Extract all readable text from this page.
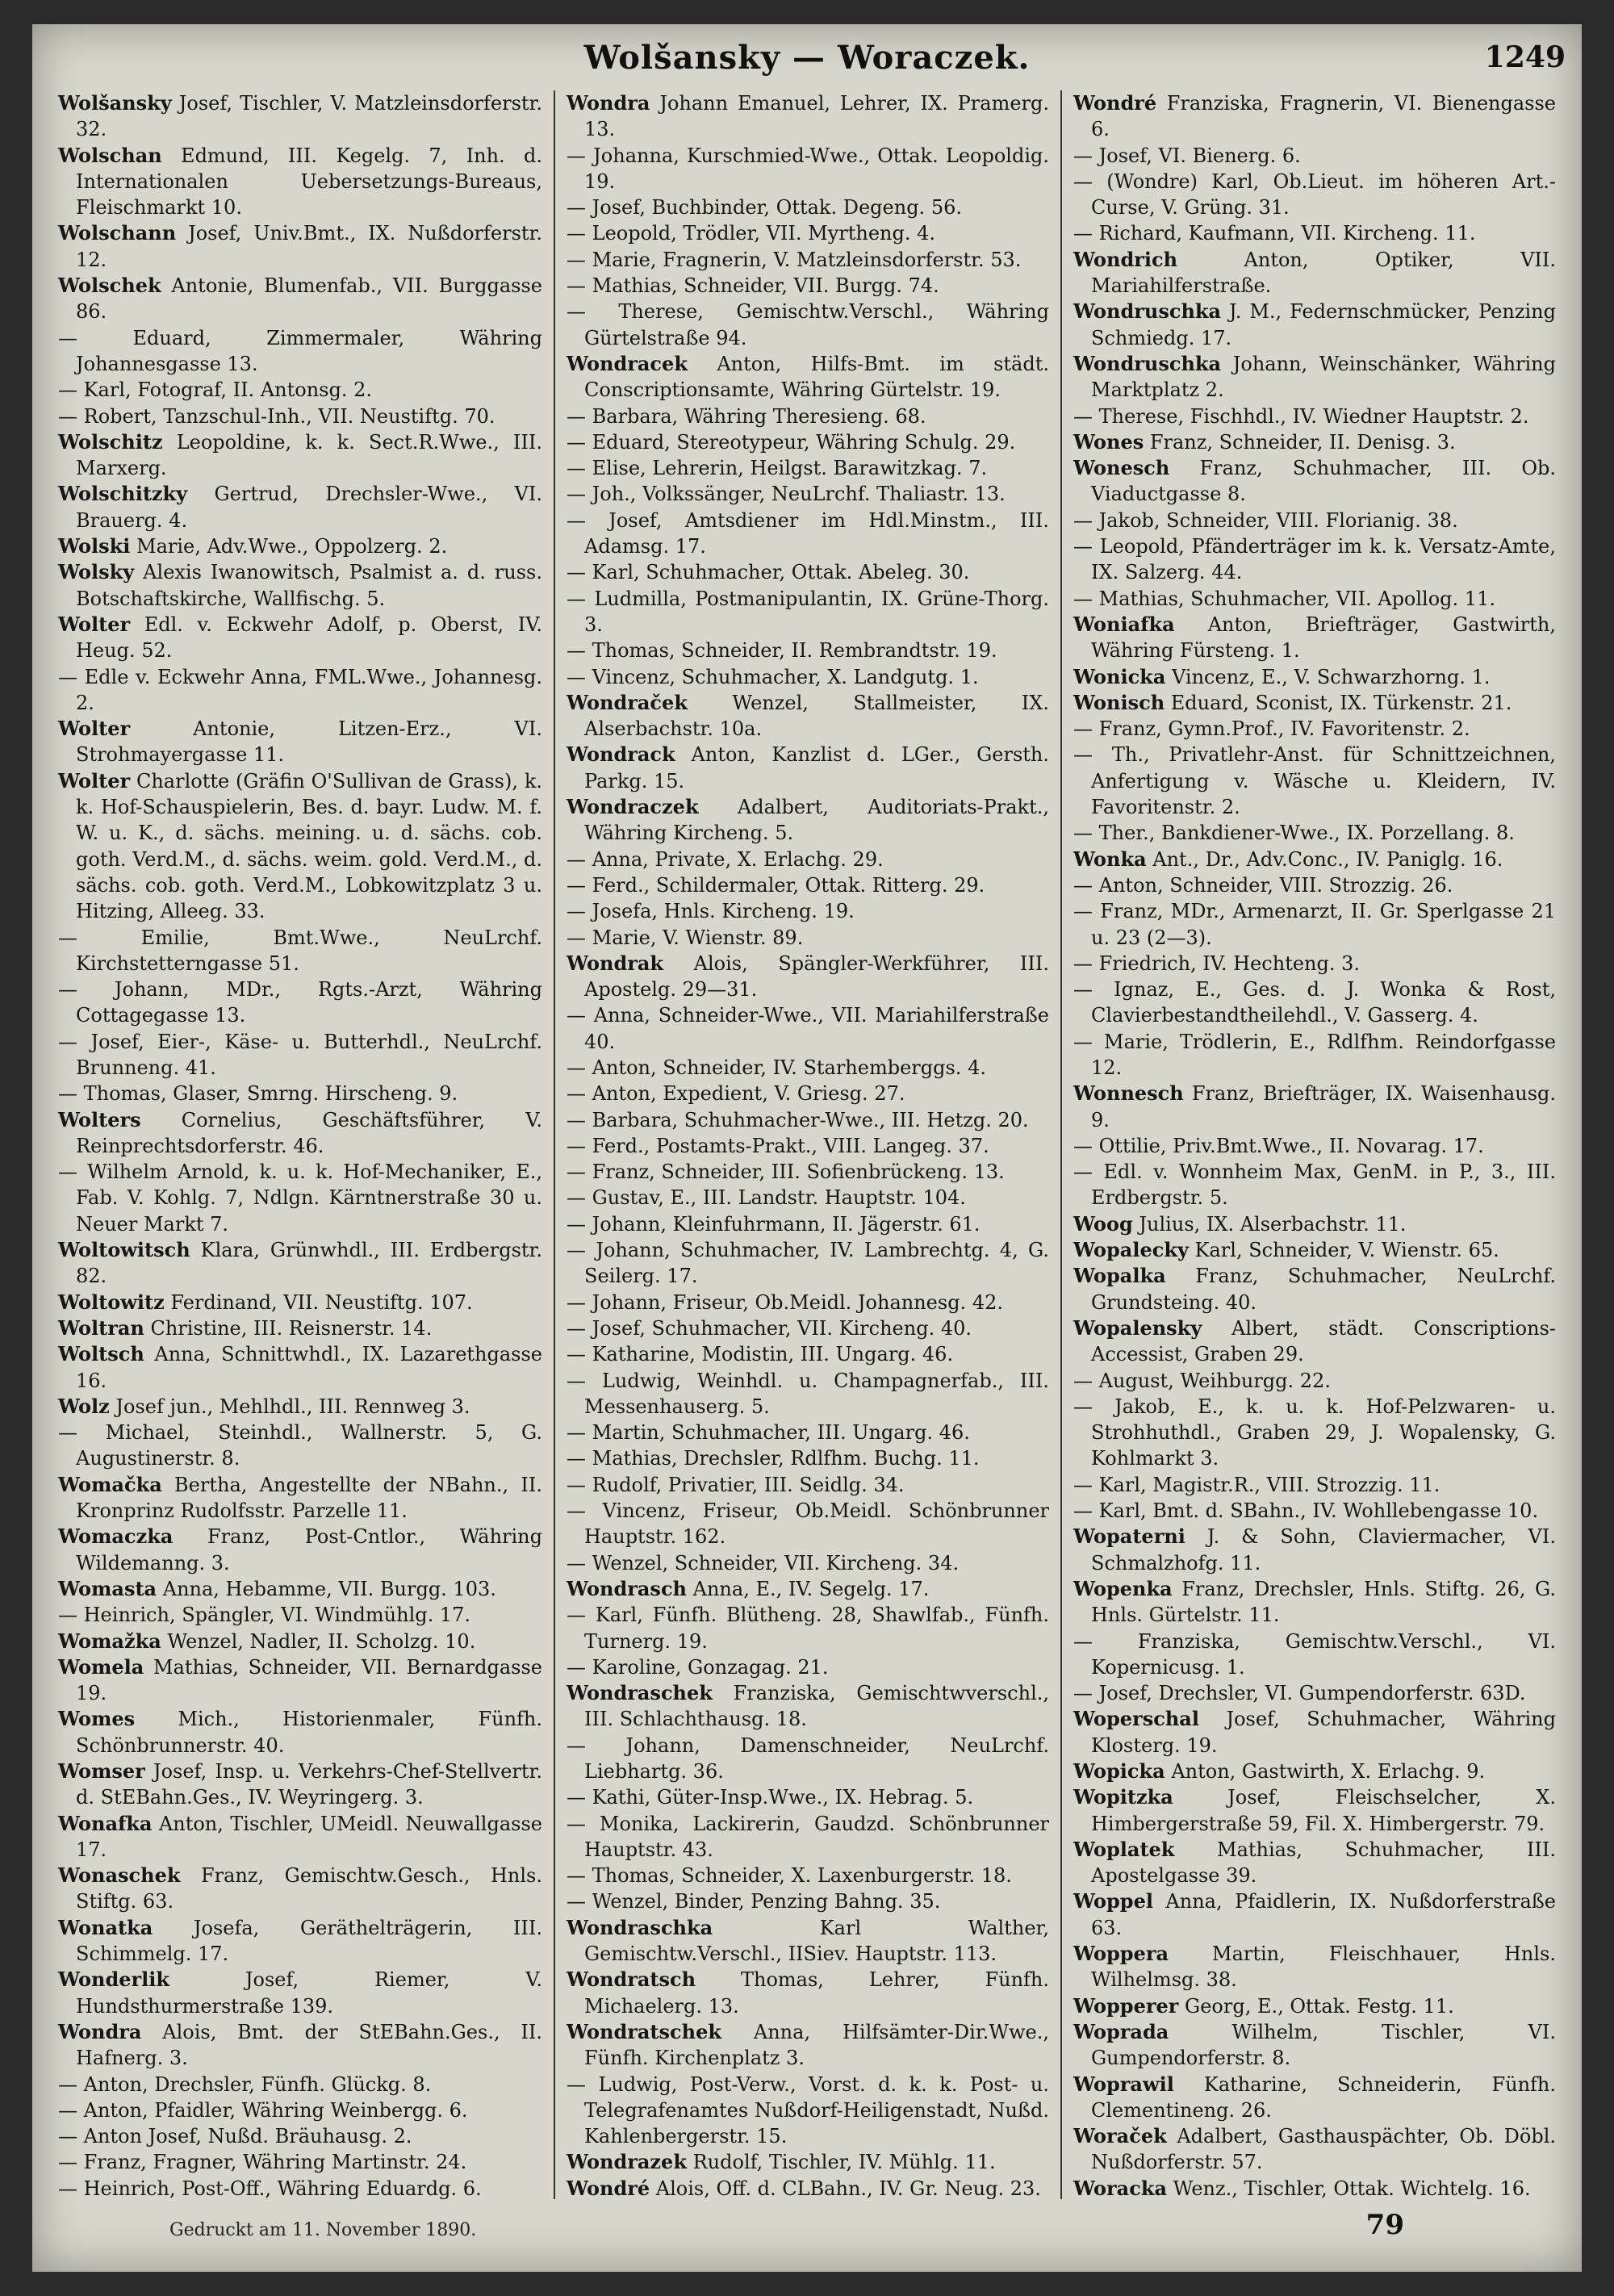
Wolšansky — Woraczek.	1249
Wolšansky Josef, Tischler, V. Matzleinsdorferstr. 32.
Wolschan Edmund, III. Kegelg. 7, Inh. d. Internationalen Uebersetzungs-Bureaus, Fleischmarkt 10.
Wolschann Josef, Univ.Bmt., IX. Nußdorferstr. 12.
Wolschek Antonie, Blumenfab., VII. Burggasse 86.
— Eduard, Zimmermaler, Währing Johannesgasse 13.
— Karl, Fotograf, II. Antonsg. 2.
— Robert, Tanzschul-Inh., VII. Neustiftg. 70.
Wolschitz Leopoldine, k. k. Sect.R.Wwe., III. Marxerg.
Wolschitzky Gertrud, Drechsler-Wwe., VI. Brauerg. 4.
Wolski Marie, Adv.Wwe., Oppolzerg. 2.
Wolsky Alexis Iwanowitsch, Psalmist a. d. russ. Botschaftskirche, Wallfischg. 5.
Wolter Edl. v. Eckwehr Adolf, p. Oberst, IV. Heug. 52.
— Edle v. Eckwehr Anna, FML.Wwe., Johannesg. 2.
Wolter Antonie, Litzen-Erz., VI. Strohmayergasse 11.
Wolter Charlotte (Gräfin O'Sullivan de Grass), k. k. Hof-Schauspielerin, Bes. d. bayr. Ludw. M. f. W. u. K., d. sächs. meining. u. d. sächs. cob. goth. Verd.M., d. sächs. weim. gold. Verd.M., d. sächs. cob. goth. Verd.M., Lobkowitzplatz 3 u. Hitzing, Alleeg. 33.
— Emilie, Bmt.Wwe., NeuLrchf. Kirchstetterngasse 51.
— Johann, MDr., Rgts.-Arzt, Währing Cottagegasse 13.
— Josef, Eier-, Käse- u. Butterhdl., NeuLrchf. Brunneng. 41.
— Thomas, Glaser, Smrng. Hirscheng. 9.
Wolters Cornelius, Geschäftsführer, V. Reinprechtsdorferstr. 46.
— Wilhelm Arnold, k. u. k. Hof-Mechaniker, E., Fab. V. Kohlg. 7, Ndlgn. Kärntnerstraße 30 u. Neuer Markt 7.
Woltowitsch Klara, Grünwhdl., III. Erdbergstr. 82.
Woltowitz Ferdinand, VII. Neustiftg. 107.
Woltran Christine, III. Reisnerstr. 14.
Woltsch Anna, Schnittwhdl., IX. Lazarethgasse 16.
Wolz Josef jun., Mehlhdl., III. Rennweg 3.
— Michael, Steinhdl., Wallnerstr. 5, G. Augustinerstr. 8.
Womačka Bertha, Angestellte der NBahn., II. Kronprinz Rudolfsstr. Parzelle 11.
Womaczka Franz, Post-Cntlor., Währing Wildemanng. 3.
Womasta Anna, Hebamme, VII. Burgg. 103.
— Heinrich, Spängler, VI. Windmühlg. 17.
Womažka Wenzel, Nadler, II. Scholzg. 10.
Womela Mathias, Schneider, VII. Bernardgasse 19.
Womes Mich., Historienmaler, Fünfh. Schönbrunnerstr. 40.
Womser Josef, Insp. u. Verkehrs-Chef-Stellvertr. d. StEBahn.Ges., IV. Weyringerg. 3.
Wonafka Anton, Tischler, UMeidl. Neuwallgasse 17.
Wonaschek Franz, Gemischtw.Gesch., Hnls. Stiftg. 63.
Wonatka Josefa, Geräthelträgerin, III. Schimmelg. 17.
Wonderlik Josef, Riemer, V. Hundsthurmerstraße 139.
Wondra Alois, Bmt. der StEBahn.Ges., II. Hafnerg. 3.
— Anton, Drechsler, Fünfh. Glückg. 8.
— Anton, Pfaidler, Währing Weinbergg. 6.
— Anton Josef, Nußd. Bräuhausg. 2.
— Franz, Fragner, Währing Martinstr. 24.
— Heinrich, Post-Off., Währing Eduardg. 6.
Wondra Johann Emanuel, Lehrer, IX. Pramerg. 13.
— Johanna, Kurschmied-Wwe., Ottak. Leopoldig. 19.
— Josef, Buchbinder, Ottak. Degeng. 56.
— Leopold, Trödler, VII. Myrtheng. 4.
— Marie, Fragnerin, V. Matzleinsdorferstr. 53.
— Mathias, Schneider, VII. Burgg. 74.
— Therese, Gemischtw.Verschl., Währing Gürtelstraße 94.
Wondracek Anton, Hilfs-Bmt. im städt. Conscriptionsamte, Währing Gürtelstr. 19.
— Barbara, Währing Theresieng. 68.
— Eduard, Stereotypeur, Währing Schulg. 29.
— Elise, Lehrerin, Heilgst. Barawitzkag. 7.
— Joh., Volkssänger, NeuLrchf. Thaliastr. 13.
— Josef, Amtsdiener im Hdl.Minstm., III. Adamsg. 17.
— Karl, Schuhmacher, Ottak. Abeleg. 30.
— Ludmilla, Postmanipulantin, IX. Grüne-Thorg. 3.
— Thomas, Schneider, II. Rembrandtstr. 19.
— Vincenz, Schuhmacher, X. Landgutg. 1.
Wondraček Wenzel, Stallmeister, IX. Alserbachstr. 10a.
Wondrack Anton, Kanzlist d. LGer., Gersth. Parkg. 15.
Wondraczek Adalbert, Auditoriats-Prakt., Währing Kircheng. 5.
— Anna, Private, X. Erlachg. 29.
— Ferd., Schildermaler, Ottak. Ritterg. 29.
— Josefa, Hnls. Kircheng. 19.
— Marie, V. Wienstr. 89.
Wondrak Alois, Spängler-Werkführer, III. Apostelg. 29—31.
— Anna, Schneider-Wwe., VII. Mariahilferstraße 40.
— Anton, Schneider, IV. Starhemberggs. 4.
— Anton, Expedient, V. Griesg. 27.
— Barbara, Schuhmacher-Wwe., III. Hetzg. 20.
— Ferd., Postamts-Prakt., VIII. Langeg. 37.
— Franz, Schneider, III. Sofienbrückeng. 13.
— Gustav, E., III. Landstr. Hauptstr. 104.
— Johann, Kleinfuhrmann, II. Jägerstr. 61.
— Johann, Schuhmacher, IV. Lambrechtg. 4, G. Seilerg. 17.
— Johann, Friseur, Ob.Meidl. Johannesg. 42.
— Josef, Schuhmacher, VII. Kircheng. 40.
— Katharine, Modistin, III. Ungarg. 46.
— Ludwig, Weinhdl. u. Champagnerfab., III. Messenhauserg. 5.
— Martin, Schuhmacher, III. Ungarg. 46.
— Mathias, Drechsler, Rdlfhm. Buchg. 11.
— Rudolf, Privatier, III. Seidlg. 34.
— Vincenz, Friseur, Ob.Meidl. Schönbrunner Hauptstr. 162.
— Wenzel, Schneider, VII. Kircheng. 34.
Wondrasch Anna, E., IV. Segelg. 17.
— Karl, Fünfh. Blütheng. 28, Shawlfab., Fünfh. Turnerg. 19.
— Karoline, Gonzagag. 21.
Wondraschek Franziska, Gemischtwverschl., III. Schlachthausg. 18.
— Johann, Damenschneider, NeuLrchf. Liebhartg. 36.
— Kathi, Güter-Insp.Wwe., IX. Hebrag. 5.
— Monika, Lackirerin, Gaudzd. Schönbrunner Hauptstr. 43.
— Thomas, Schneider, X. Laxenburgerstr. 18.
— Wenzel, Binder, Penzing Bahng. 35.
Wondraschka Karl Walther, Gemischtw.Verschl., IISiev. Hauptstr. 113.
Wondratsch Thomas, Lehrer, Fünfh. Michaelerg. 13.
Wondratschek Anna, Hilfsämter-Dir.Wwe., Fünfh. Kirchenplatz 3.
— Ludwig, Post-Verw., Vorst. d. k. k. Post- u. Telegrafenamtes Nußdorf-Heiligenstadt, Nußd. Kahlenbergerstr. 15.
Wondrazek Rudolf, Tischler, IV. Mühlg. 11.
Wondré Alois, Off. d. CLBahn., IV. Gr. Neug. 23.
Wondré Franziska, Fragnerin, VI. Bienengasse 6.
— Josef, VI. Bienerg. 6.
— (Wondre) Karl, Ob.Lieut. im höheren Art.-Curse, V. Grüng. 31.
— Richard, Kaufmann, VII. Kircheng. 11.
Wondrich Anton, Optiker, VII. Mariahilferstraße.
Wondruschka J. M., Federnschmücker, Penzing Schmiedg. 17.
Wondruschka Johann, Weinschänker, Währing Marktplatz 2.
— Therese, Fischhdl., IV. Wiedner Hauptstr. 2.
Wones Franz, Schneider, II. Denisg. 3.
Wonesch Franz, Schuhmacher, III. Ob. Viaductgasse 8.
— Jakob, Schneider, VIII. Florianig. 38.
— Leopold, Pfänderträger im k. k. Versatz-Amte, IX. Salzerg. 44.
— Mathias, Schuhmacher, VII. Apollog. 11.
Woniafka Anton, Briefträger, Gastwirth, Währing Fürsteng. 1.
Wonicka Vincenz, E., V. Schwarzhorng. 1.
Wonisch Eduard, Sconist, IX. Türkenstr. 21.
— Franz, Gymn.Prof., IV. Favoritenstr. 2.
— Th., Privatlehr-Anst. für Schnittzeichnen, Anfertigung v. Wäsche u. Kleidern, IV. Favoritenstr. 2.
— Ther., Bankdiener-Wwe., IX. Porzellang. 8.
Wonka Ant., Dr., Adv.Conc., IV. Paniglg. 16.
— Anton, Schneider, VIII. Strozzig. 26.
— Franz, MDr., Armenarzt, II. Gr. Sperlgasse 21 u. 23 (2—3).
— Friedrich, IV. Hechteng. 3.
— Ignaz, E., Ges. d. J. Wonka & Rost, Clavierbestandtheilehdl., V. Gasserg. 4.
— Marie, Trödlerin, E., Rdlfhm. Reindorfgasse 12.
Wonnesch Franz, Briefträger, IX. Waisenhausg. 9.
— Ottilie, Priv.Bmt.Wwe., II. Novarag. 17.
— Edl. v. Wonnheim Max, GenM. in P., 3., III. Erdbergstr. 5.
Woog Julius, IX. Alserbachstr. 11.
Wopalecky Karl, Schneider, V. Wienstr. 65.
Wopalka Franz, Schuhmacher, NeuLrchf. Grundsteing. 40.
Wopalensky Albert, städt. Conscriptions-Accessist, Graben 29.
— August, Weihburgg. 22.
— Jakob, E., k. u. k. Hof-Pelzwaren- u. Strohhuthdl., Graben 29, J. Wopalensky, G. Kohlmarkt 3.
— Karl, Magistr.R., VIII. Strozzig. 11.
— Karl, Bmt. d. SBahn., IV. Wohllebengasse 10.
Wopaterni J. & Sohn, Claviermacher, VI. Schmalzhofg. 11.
Wopenka Franz, Drechsler, Hnls. Stiftg. 26, G. Hnls. Gürtelstr. 11.
— Franziska, Gemischtw.Verschl., VI. Kopernicusg. 1.
— Josef, Drechsler, VI. Gumpendorferstr. 63D.
Woperschal Josef, Schuhmacher, Währing Klosterg. 19.
Wopicka Anton, Gastwirth, X. Erlachg. 9.
Wopitzka Josef, Fleischselcher, X. Himbergerstraße 59, Fil. X. Himbergerstr. 79.
Woplatek Mathias, Schuhmacher, III. Apostelgasse 39.
Woppel Anna, Pfaidlerin, IX. Nußdorferstraße 63.
Woppera Martin, Fleischhauer, Hnls. Wilhelmsg. 38.
Wopperer Georg, E., Ottak. Festg. 11.
Woprada Wilhelm, Tischler, VI. Gumpendorferstr. 8.
Woprawil Katharine, Schneiderin, Fünfh. Clementineng. 26.
Woraček Adalbert, Gasthauspächter, Ob. Döbl. Nußdorferstr. 57.
Woracka Wenz., Tischler, Ottak. Wichtelg. 16.
Gedruckt am 11. November 1890.	79
